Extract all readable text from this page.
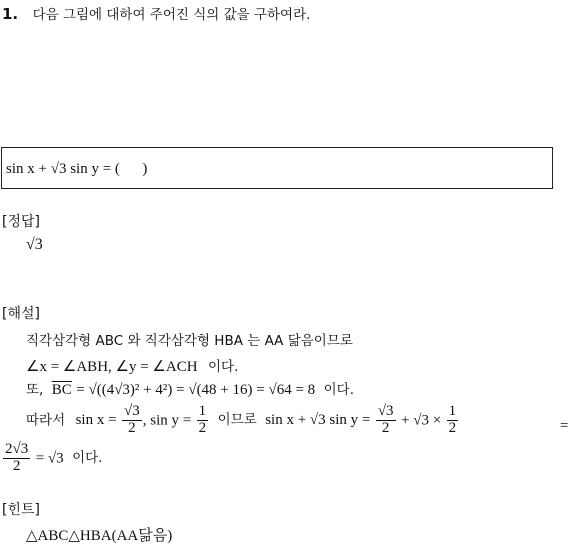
1. 다음 그림에 대하여 주어진 식의 값을 구하여라.
sin x + √3 sin y = ( )
[정답]
√3
[해설]
직각삼각형 ABC 와 직각삼각형 HBA 는 AA 닮음이므로
∠x = ∠ABH, ∠y = ∠ACH 이다.
또, $\overline{BC} = √((4√3)^2 + 4^2) = √(48 + 16) = √64 = 8$ 이다.
따라서 $\sin x = \frac{√3}{2}$ , $\sin y = \frac{1}{2}$ 이므로 sin x + √3 $\sin y = \frac{√3}{2} + √3 \times \frac{1}{2}$	=
$\frac{2√3}{2} = √3$ 이다.
[힌트]
△ABC△HBA(AA닮음)
